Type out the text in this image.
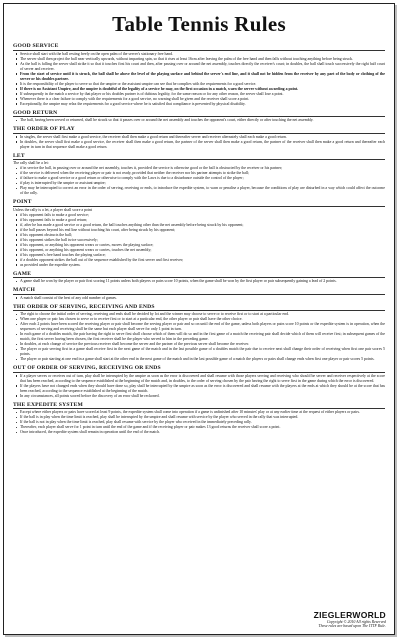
Table Tennis Rules
GOOD SERVICE
Service shall start with the ball resting freely on the open palm of the server's stationary free hand.
The server shall then project the ball near vertically upwards, without imparting spin, so that it rises at least 16cm after leaving the palm of the free hand and then falls without touching anything before being struck.
As the ball is falling the server shall strike it so that it touches first his court and then, after passing over or around the net assembly, touches directly the receiver's court; in doubles, the ball shall touch successively the right half court of server and receiver.
From the start of service until it is struck, the ball shall be above the level of the playing surface and behind the server's end line, and it shall not be hidden from the receiver by any part of the body or clothing of the server or his doubles partner.
It is the responsibility of the player to serve so that the umpire or the assistant umpire can see that he complies with the requirements for a good service.
If there is no Assistant Umpire, and the umpire is doubtful of the legality of a service he may, on the first occasion in a match, warn the server without awarding a point.
If subsequently in the match a service by that player or his doubles partner is of dubious legality, for the same reason or for any other reason, the server shall lose a point.
Whenever there is a clear failure to comply with the requirements for a good service, no warning shall be given and the receiver shall score a point.
Exceptionally, the umpire may relax the requirements for a good service where he is satisfied that compliance is prevented by physical disability.
GOOD RETURN
The ball, having been served or returned, shall be struck so that it passes over or around the net assembly and touches the opponent's court, either directly or after touching the net assembly.
THE ORDER OF PLAY
In singles, the server shall first make a good service, the receiver shall then make a good return and thereafter server and receiver alternately shall each make a good return.
In doubles, the server shall first make a good service, the receiver shall then make a good return, the partner of the server shall then make a good return, the partner of the receiver shall then make a good return and thereafter each player in turn in that sequence shall make a good return.
LET

The rally shall be a let:

if in service the ball, in passing over or around the net assembly, touches it, provided the service is otherwise good or the ball is obstructed by the receiver or his partner;
if the service is delivered when the receiving player or pair is not ready, provided that neither the receiver nor his partner attempts to strike the ball;
if failure to make a good service or a good return or otherwise to comply with the Laws is due to a disturbance outside the control of the player;
if play is interrupted by the umpire or assistant umpire;
Play may be interrupted to correct an error in the order of serving, receiving or ends, to introduce the expedite system, to warn or penalise a player, because the conditions of play are disturbed in a way which could affect the outcome of the rally.
POINT

Unless the rally is a let, a player shall score a point

if his opponent fails to make a good service;
if his opponent fails to make a good return;
if, after he has made a good service or a good return, the ball touches anything other than the net assembly before being struck by his opponent;
if the ball passes beyond his end line without touching his court, after being struck by his opponent;
if his opponent obstructs the ball;
if his opponent strikes the ball twice successively;
if his opponent, or anything his opponent wears or carries, moves the playing surface;
if his opponent, or anything his opponent wears or carries, touches the net assembly;
if his opponent's free hand touches the playing surface;
if a doubles opponent strikes the ball out of the sequence established by the first server and first receiver;
as provided under the expedite system.
GAME
A game shall be won by the player or pair first scoring 11 points unless both players or pairs score 10 points, when the game shall be won by the first player or pair subsequently gaining a lead of 2 points.
MATCH
A match shall consist of the best of any odd number of games.
THE ORDER OF SERVING, RECEIVING AND ENDS
The right to choose the initial order of serving, receiving and ends shall be decided by lot and the winner may choose to serve or to receive first or to start at a particular end.
When one player or pair has chosen to serve or to receive first or to start at a particular end, the other player or pair shall have the other choice.
After each 2 points have been scored the receiving player or pair shall become the serving player or pair and so on until the end of the game, unless both players or pairs score 10 points or the expedite system is in operation, when the sequences of serving and receiving shall be the same but each player shall serve for only 1 point in turn.
In each game of a doubles match, the pair having the right to serve first shall choose which of them will do so and in the first game of a match the receiving pair shall decide which of them will receive first; in subsequent games of the match, the first server having been chosen, the first receiver shall be the player who served to him in the preceding game.
In doubles, at each change of service the previous receiver shall become the server and the partner of the previous server shall become the receiver.
The player or pair serving first in a game shall receive first in the next game of the match and in the last possible game of a doubles match the pair due to receive next shall change their order of receiving when first one pair scores 5 points.
The player or pair starting at one end in a game shall start at the other end in the next game of the match and in the last possible game of a match the players or pairs shall change ends when first one player or pair scores 5 points.
OUT OF ORDER OF SERVING, RECEIVING OR ENDS
If a player serves or receives out of turn, play shall be interrupted by the umpire as soon as the error is discovered and shall resume with those players serving and receiving who should be server and receiver respectively at the score that has been reached, according to the sequence established at the beginning of the match and, in doubles, to the order of serving chosen by the pair having the right to serve first in the game during which the error is discovered.
If the players have not changed ends when they should have done so, play shall be interrupted by the umpire as soon as the error is discovered and shall resume with the players at the ends at which they should be at the score that has been reached, according to the sequence established at the beginning of the match.
In any circumstances, all points scored before the discovery of an error shall be reckoned.
THE EXPEDITE SYSTEM
Except where either players or pairs have scored at least 9 points, the expedite system shall come into operation if a game is unfinished after 10 minutes' play or at any earlier time at the request of either players or pairs.
If the ball is in play when the time limit is reached, play shall be interrupted by the umpire and shall resume with service by the player who served in the rally that was interrupted.
If the ball is not in play when the time limit is reached, play shall resume with service by the player who received in the immediately preceding rally.
Thereafter, each player shall serve for 1 point in turn until the end of the game and if the receiving player or pair makes 13 good returns the receiver shall score a point.
Once introduced, the expedite system shall remain in operation until the end of the match.
ZIEGLERWORLD
Copyright © 2010 All rights Reserved
These rules are based upon The ITTF Rule.
